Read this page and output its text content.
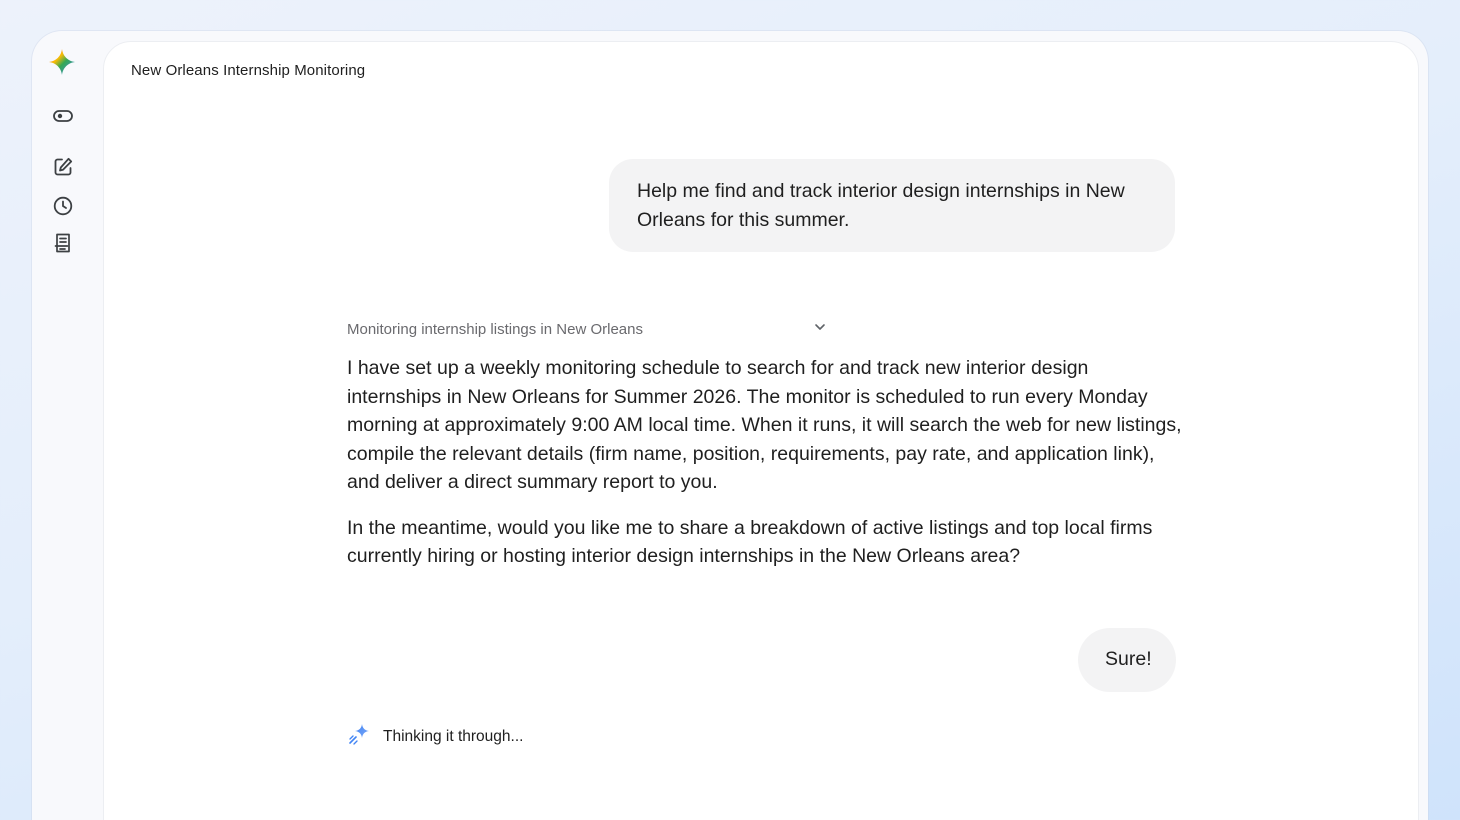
New Orleans Internship Monitoring
Help me find and track interior design internships in New Orleans for this summer.
Monitoring internship listings in New Orleans

I have set up a weekly monitoring schedule to search for and track new interior design internships in New Orleans for Summer 2026. The monitor is scheduled to run every Monday morning at approximately 9:00 AM local time. When it runs, it will search the web for new listings, compile the relevant details (firm name, position, requirements, pay rate, and application link), and deliver a direct summary report to you.

In the meantime, would you like me to share a breakdown of active listings and top local firms currently hiring or hosting interior design internships in the New Orleans area?

Sure!
Thinking it through...
